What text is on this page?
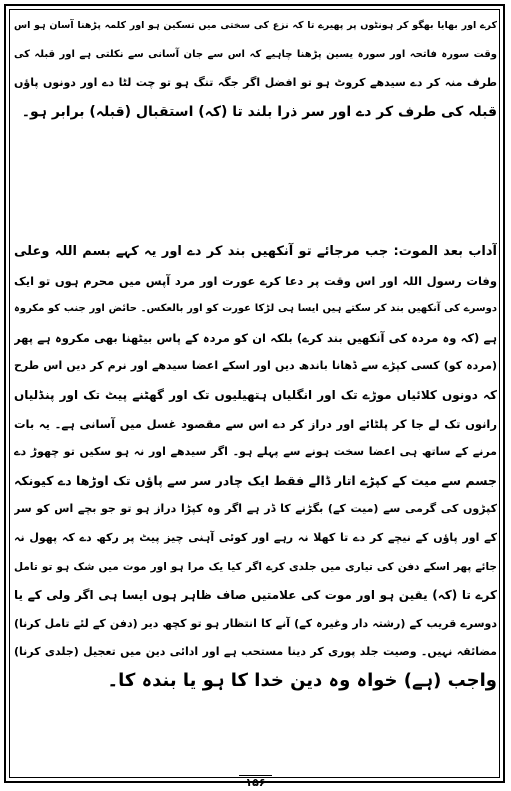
کرے اور بھایا بھگو کر ہونٹوں پر پھیرے تا کہ نزع کی سختی میں تسکین ہو اور کلمہ پڑھنا آسان ہو اس
وقت سورہ فاتحہ اور سورہ یسین پڑھنا چاہیے کہ اس سے جان آسانی سے نکلتی ہے اور قبلہ کی
طرف منہ کر دے سیدھے کروٹ ہو تو افضل اگر جگہ تنگ ہو تو چت لٹا دے اور دونوں پاؤں
قبلہ کی طرف کر دے اور سر ذرا بلند تا (کہ) استقبال (قبلہ) برابر ہو۔
آداب بعد الموت: جب مرجائے تو آنکھیں بند کر دے اور یہ کہے بسم اللہ وعلی
وفات رسول اللہ اور اس وقت پر دعا کرے عورت اور مرد آپس میں محرم ہوں تو ایک
دوسرے کی آنکھیں بند کر سکتے ہیں ایسا ہی لڑکا عورت کو اور بالعکس۔ حائض اور جنب کو مکروہ
ہے (کہ وہ مردہ کی آنکھیں بند کرے) بلکہ ان کو مردہ کے پاس بیٹھنا بھی مکروہ ہے پھر
(مردہ کو) کسی کپڑے سے ڈھانا باندھ دیں اور اسکے اعضا سیدھے اور نرم کر دیں اس طرح
کہ دونوں کلائیاں موڑے تک اور انگلیاں ہتھیلیوں تک اور گھٹنے پیٹ تک اور پنڈلیاں
رانوں تک لے جا کر پلٹائے اور دراز کر دے اس سے مقصود غسل میں آسانی ہے۔ یہ بات
مرنے کے ساتھ ہی اعضا سخت ہونے سے پہلے ہو۔ اگر سیدھے اور نہ ہو سکیں تو چھوڑ دے
جسم سے میت کے کپڑے اتار ڈالے فقط ایک چادر سر سے پاؤں تک اوڑھا دے کیونکہ
کپڑوں کی گرمی سے (میت کے) بگڑنے کا ڈر ہے اگر وہ کپڑا دراز ہو تو جو بچے اس کو سر
کے اور پاؤں کے نیچے کر دے تا کھلا نہ رہے اور کوئی آہنی چیز پیٹ پر رکھ دے کہ پھول نہ
جائے پھر اسکے دفن کی تیاری میں جلدی کرے اگر کیا یک مرا ہو اور موت میں شک ہو تو تامل
کرے تا (کہ) یقین ہو اور موت کی علامتیں صاف ظاہر ہوں ایسا ہی اگر ولی کے یا
دوسرے قریب کے (رشتہ دار وغیرہ کے) آنے کا انتظار ہو تو کچھ دیر (دفن کے لئے تامل کرنا)
مضائقہ نہیں۔ وصیت جلد پوری کر دینا مستحب ہے اور ادائی دین میں تعجیل (جلدی کرنا)
واجب (ہے) خواہ وہ دین خدا کا ہو یا بندہ کا۔
۱۵۶
